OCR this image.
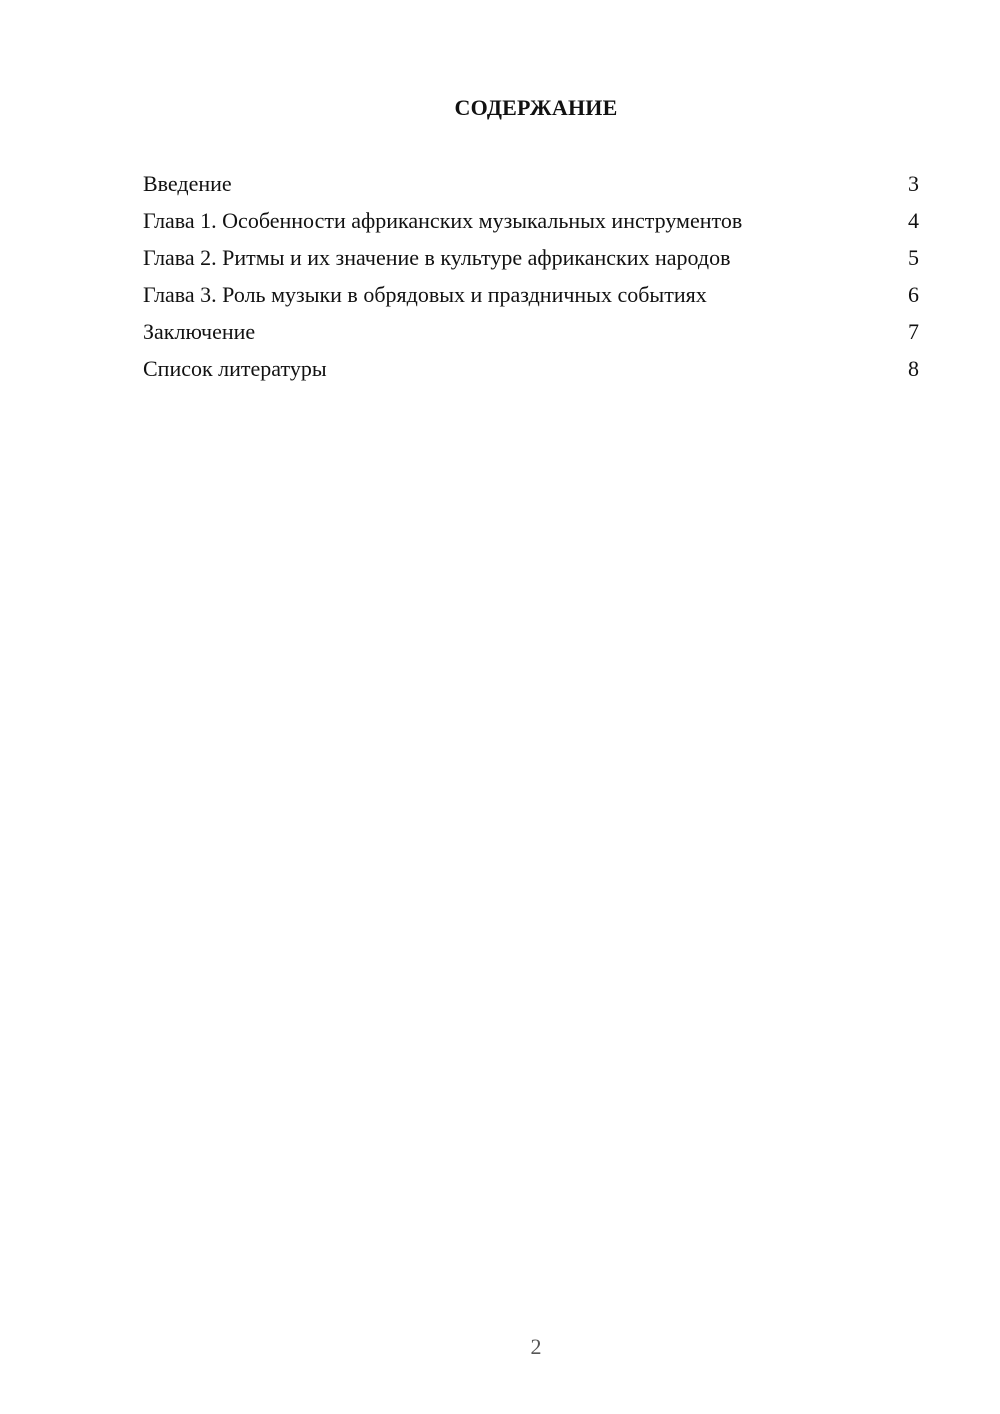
СОДЕРЖАНИЕ
Введение	3
Глава 1. Особенности африканских музыкальных инструментов	4
Глава 2. Ритмы и их значение в культуре африканских народов	5
Глава 3. Роль музыки в обрядовых и праздничных событиях	6
Заключение	7
Список литературы	8
2
